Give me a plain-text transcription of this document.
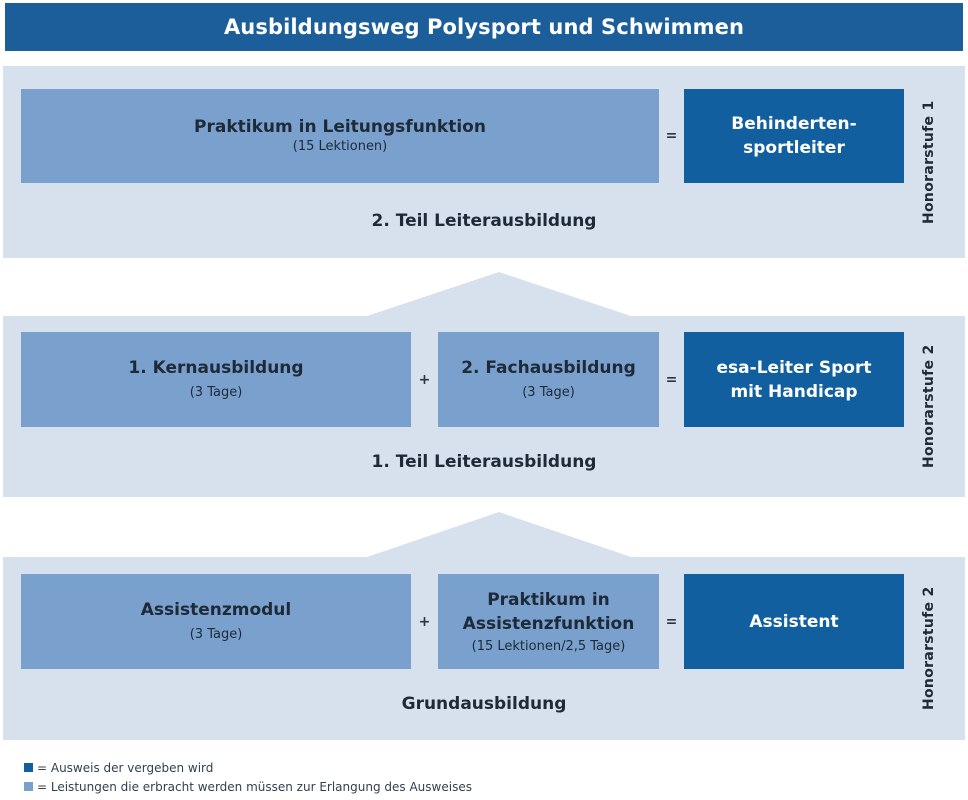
Ausbildungsweg Polysport und Schwimmen
Praktikum in Leitungsfunktion
(15 Lektionen)
=
Behinderten-
sportleiter
2. Teil Leiterausbildung	Honorarstufe 1
1. Kernausbildung
(3 Tage)
+
2. Fachausbildung
(3 Tage)
=
esa-Leiter Sport
mit Handicap
1. Teil Leiterausbildung	Honorarstufe 2
Assistenzmodul
(3 Tage)
+
Praktikum in
Assistenzfunktion
(15 Lektionen/2,5 Tage)
=	Assistent
Grundausbildung	Honorarstufe 2
= Ausweis der vergeben wird
= Leistungen die erbracht werden müssen zur Erlangung des Ausweises
